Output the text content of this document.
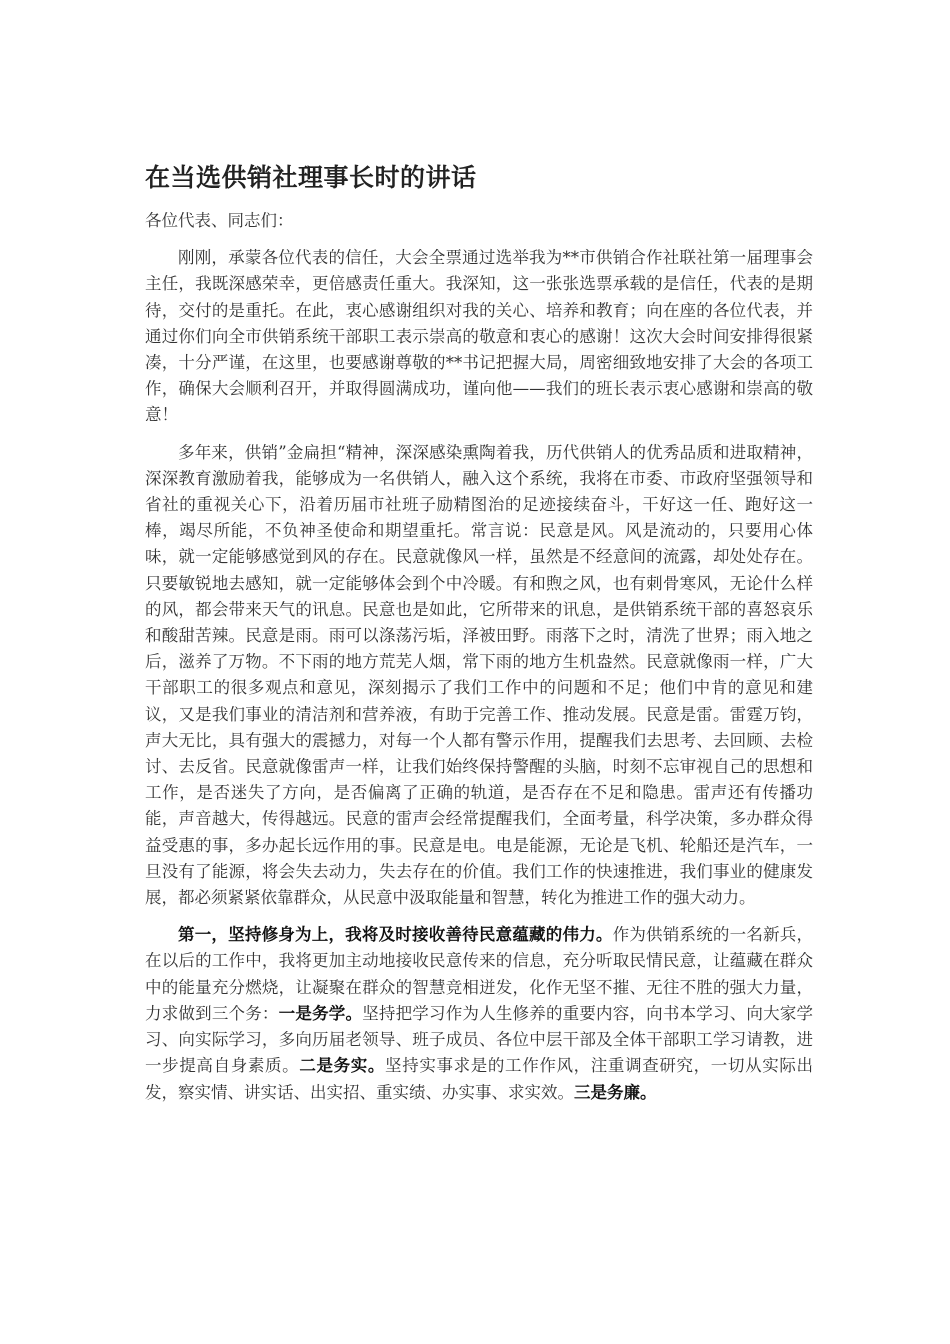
在当选供销社理事长时的讲话

各位代表、同志们：

刚刚，承蒙各位代表的信任，大会全票通过选举我为**市供销合作社联社第一届理事会主任，我既深感荣幸，更倍感责任重大。我深知，这一张张选票承载的是信任，代表的是期待，交付的是重托。在此，衷心感谢组织对我的关心、培养和教育；向在座的各位代表，并通过你们向全市供销系统干部职工表示崇高的敬意和衷心的感谢！这次大会时间安排得很紧凑，十分严谨，在这里，也要感谢尊敬的**书记把握大局，周密细致地安排了大会的各项工作，确保大会顺利召开，并取得圆满成功，谨向他——我们的班长表示衷心感谢和崇高的敬意！

多年来，供销”金扁担“精神，深深感染熏陶着我，历代供销人的优秀品质和进取精神，深深教育激励着我，能够成为一名供销人，融入这个系统，我将在市委、市政府坚强领导和省社的重视关心下，沿着历届市社班子励精图治的足迹接续奋斗，干好这一任、跑好这一棒，竭尽所能，不负神圣使命和期望重托。常言说：民意是风。风是流动的，只要用心体味，就一定能够感觉到风的存在。民意就像风一样，虽然是不经意间的流露，却处处存在。只要敏锐地去感知，就一定能够体会到个中冷暖。有和煦之风，也有刺骨寒风，无论什么样的风，都会带来天气的讯息。民意也是如此，它所带来的讯息，是供销系统干部的喜怒哀乐和酸甜苦辣。民意是雨。雨可以涤荡污垢，泽被田野。雨落下之时，清洗了世界；雨入地之后，滋养了万物。不下雨的地方荒芜人烟，常下雨的地方生机盎然。民意就像雨一样，广大干部职工的很多观点和意见，深刻揭示了我们工作中的问题和不足；他们中肯的意见和建议，又是我们事业的清洁剂和营养液，有助于完善工作、推动发展。民意是雷。雷霆万钧，声大无比，具有强大的震撼力，对每一个人都有警示作用，提醒我们去思考、去回顾、去检讨、去反省。民意就像雷声一样，让我们始终保持警醒的头脑，时刻不忘审视自己的思想和工作，是否迷失了方向，是否偏离了正确的轨道，是否存在不足和隐患。雷声还有传播功能，声音越大，传得越远。民意的雷声会经常提醒我们，全面考量，科学决策，多办群众得益受惠的事，多办起长远作用的事。民意是电。电是能源，无论是飞机、轮船还是汽车，一旦没有了能源，将会失去动力，失去存在的价值。我们工作的快速推进，我们事业的健康发展，都必须紧紧依靠群众，从民意中汲取能量和智慧，转化为推进工作的强大动力。

第一，坚持修身为上，我将及时接收善待民意蕴藏的伟力。作为供销系统的一名新兵，在以后的工作中，我将更加主动地接收民意传来的信息，充分听取民情民意，让蕴藏在群众中的能量充分燃烧，让凝聚在群众的智慧竞相迸发，化作无坚不摧、无往不胜的强大力量，力求做到三个务：一是务学。坚持把学习作为人生修养的重要内容，向书本学习、向大家学习、向实际学习，多向历届老领导、班子成员、各位中层干部及全体干部职工学习请教，进一步提高自身素质。二是务实。坚持实事求是的工作作风，注重调查研究，一切从实际出发，察实情、讲实话、出实招、重实绩、办实事、求实效。三是务廉。
